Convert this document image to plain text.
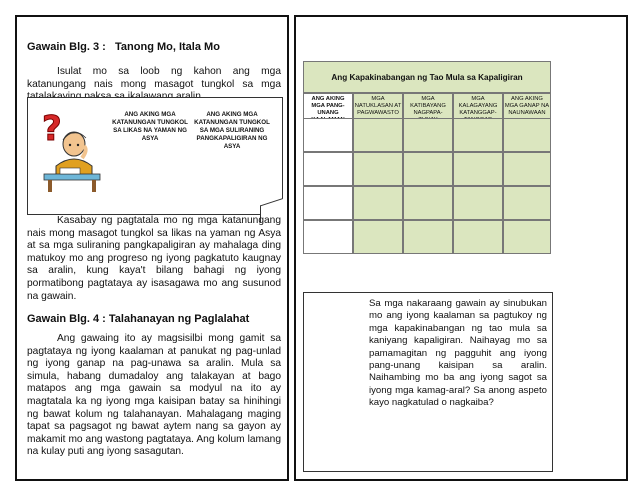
Gawain Blg. 3 :   Tanong Mo, Itala Mo
Isulat mo sa loob ng kahon ang mga katanungang nais mong masagot tungkol sa mga
?	ANG AKING MGA KATANUNGAN TUNGKOL SA LIKAS NA YAMAN NG ASYA
ANG AKING MGA KATANUNGAN TUNGKOL SA MGA SULIRANING PANGKAPALIGIRAN NG ASYA
Kasabay ng pagtatala mo ng mga katanungang nais mong masagot tungkol sa likas na yaman ng Asya at sa mga suliraning pangkapaligiran ay mahalaga ding matukoy mo ang progreso ng iyong pagkatuto kaugnay sa aralin, kung kaya't bilang bahagi ng iyong pormatibong pagtataya ay isasagawa mo ang susunod na gawain.
Gawain Blg. 4 : Talahanayan ng Paglalahat
Ang gawaing ito ay magsisilbi mong gamit sa pagtataya ng iyong kaalaman at panukat ng pag-unlad ng iyong ganap na pag-unawa sa aralin. Mula sa simula, habang dumadaloy ang talakayan at bago matapos ang mga gawain sa modyul na ito ay magtatala ka ng iyong mga kaisipan batay sa hinihingi ng bawat kolum ng talahanayan. Mahalagang maging tapat sa pagsagot ng bawat aytem nang sa gayon ay makamit mo ang wastong pagtataya. Ang kolum lamang na kulay puti ang iyong sasagutan.
Ang Kapakinabangan ng Tao Mula sa Kapaligiran
ANG AKING MGA PANG-UNANG
MGA NATUKLASAN AT PAGWAWASTO
MGA KATIBAYANG NAGPAPA-
MGA KALAGAYANG KATANGGAP-
ANG AKING MGA GANAP NA NAUNAWAAN
Sa mga nakaraang gawain ay sinubukan mo ang iyong kaalaman sa pagtukoy ng mga kapakinabangan ng tao mula sa kaniyang kapaligiran. Naihayag mo sa pamamagitan ng pagguhit ang iyong pang-unang kaisipan sa aralin. Naihambing mo ba ang iyong sagot sa iyong mga kamag-aral? Sa anong aspeto kayo nagkatulad o nagkaiba?
